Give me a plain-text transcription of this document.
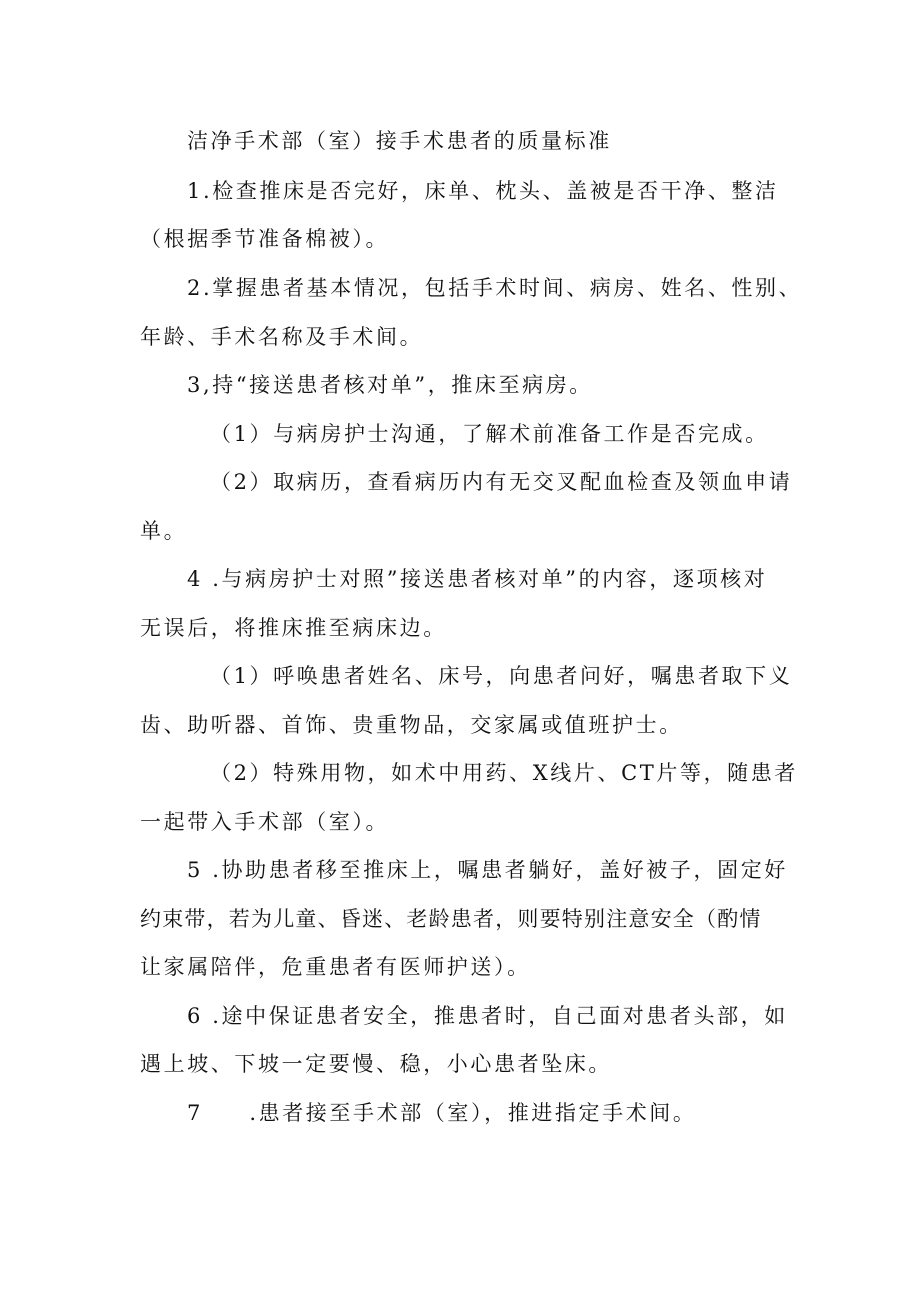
洁净手术部（室）接手术患者的质量标准
1.检查推床是否完好，床单、枕头、盖被是否干净、整洁
（根据季节准备棉被）。
2.掌握患者基本情况，包括手术时间、病房、姓名、性别、
年龄、手术名称及手术间。
3,持“接送患者核对单”，推床至病房。
（1）与病房护士沟通，了解术前准备工作是否完成。
（2）取病历，查看病历内有无交叉配血检查及领血申请
单。
4 .与病房护士对照”接送患者核对单”的内容，逐项核对
无误后，将推床推至病床边。
（1）呼唤患者姓名、床号，向患者问好，嘱患者取下义
齿、助听器、首饰、贵重物品，交家属或值班护士。
（2）特殊用物，如术中用药、X线片、CT片等，随患者
一起带入手术部（室）。
5 .协助患者移至推床上，嘱患者躺好，盖好被子，固定好
约束带，若为儿童、昏迷、老龄患者，则要特别注意安全（酌情
让家属陪伴，危重患者有医师护送）。
6 .途中保证患者安全，推患者时，自己面对患者头部，如
遇上坡、下坡一定要慢、稳，小心患者坠床。
7     .患者接至手术部（室），推进指定手术间。
